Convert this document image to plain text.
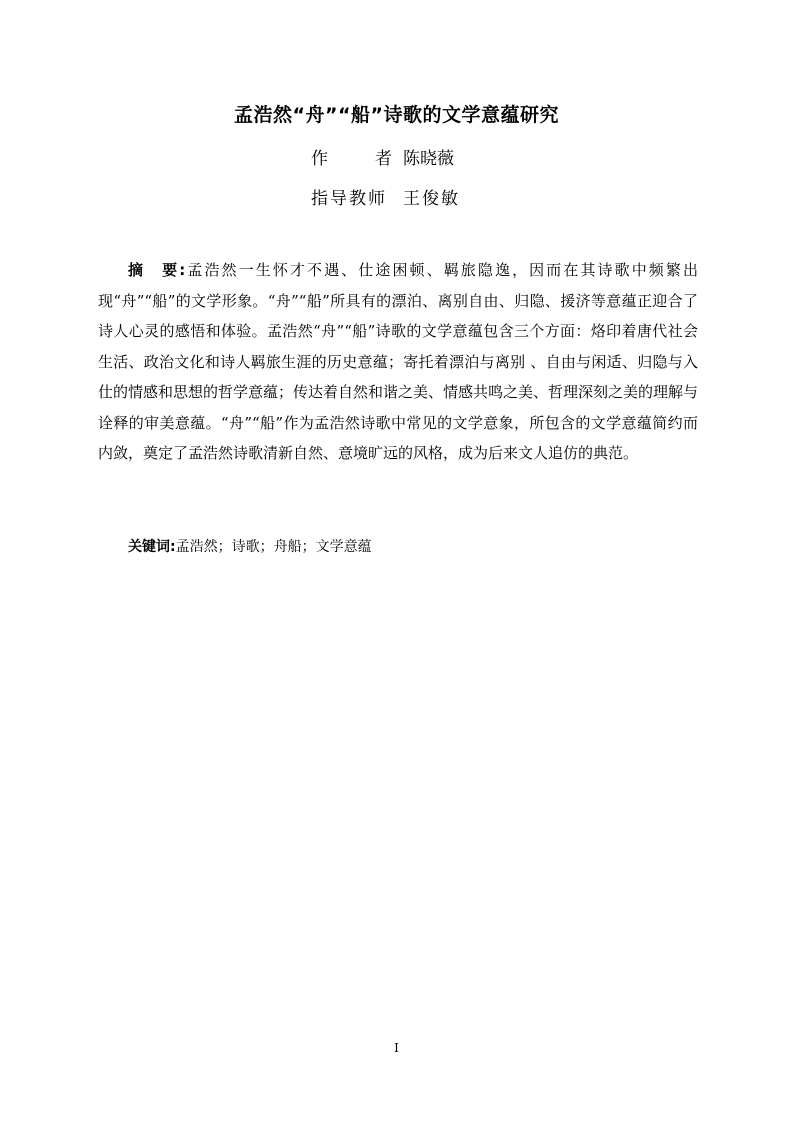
孟浩然“舟”“船”诗歌的文学意蕴研究
作	者 陈晓薇
指导教师 王俊敏
摘　要:孟浩然一生怀才不遇、仕途困顿、羁旅隐逸，因而在其诗歌中频繁出现“舟”“船”的文学形象。“舟”“船”所具有的漂泊、离别自由、归隐、援济等意蕴正迎合了诗人心灵的感悟和体验。孟浩然“舟”“船”诗歌的文学意蕴包含三个方面：烙印着唐代社会生活、政治文化和诗人羁旅生涯的历史意蕴；寄托着漂泊与离别 、自由与闲适、归隐与入仕的情感和思想的哲学意蕴；传达着自然和谐之美、情感共鸣之美、哲理深刻之美的理解与诠释的审美意蕴。“舟”“船”作为孟浩然诗歌中常见的文学意象，所包含的文学意蕴简约而内敛，奠定了孟浩然诗歌清新自然、意境旷远的风格，成为后来文人追仿的典范。
关键词:孟浩然；诗歌；舟船；文学意蕴
I
